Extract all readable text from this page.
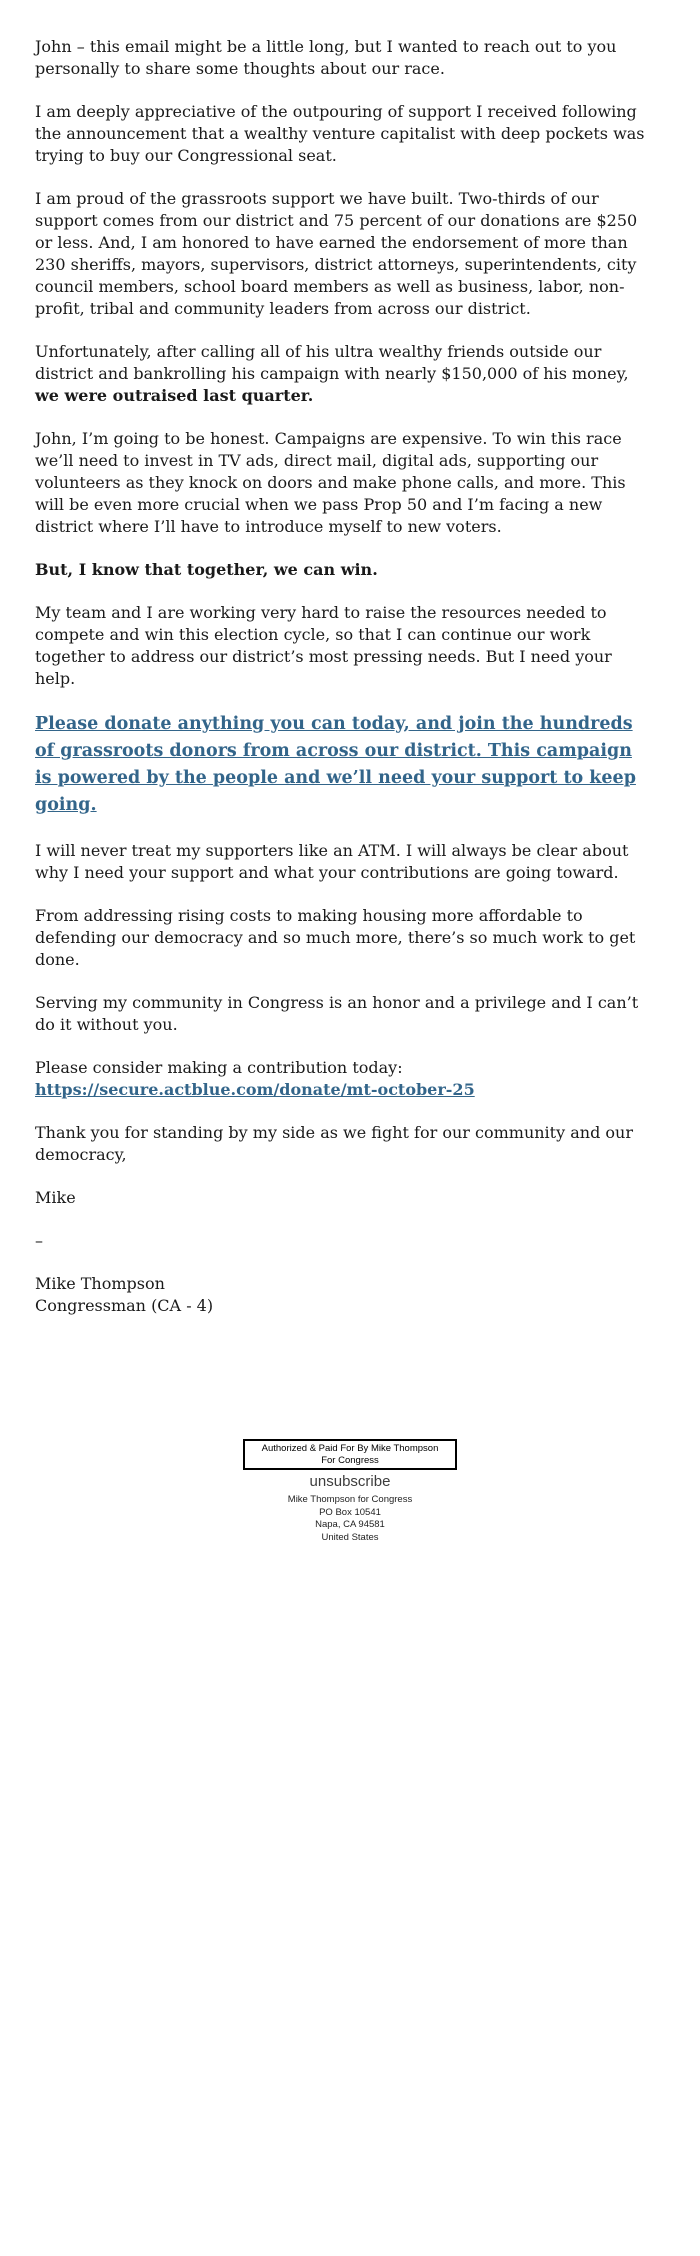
John – this email might be a little long, but I wanted to reach out to you personally to share some thoughts about our race.

I am deeply appreciative of the outpouring of support I received following the announcement that a wealthy venture capitalist with deep pockets was trying to buy our Congressional seat.

I am proud of the grassroots support we have built. Two-thirds of our support comes from our district and 75 percent of our donations are $250 or less. And, I am honored to have earned the endorsement of more than 230 sheriffs, mayors, supervisors, district attorneys, superintendents, city council members, school board members as well as business, labor, non-profit, tribal and community leaders from across our district.

Unfortunately, after calling all of his ultra wealthy friends outside our district and bankrolling his campaign with nearly $150,000 of his money, we were outraised last quarter.

John, I’m going to be honest. Campaigns are expensive. To win this race we’ll need to invest in TV ads, direct mail, digital ads, supporting our volunteers as they knock on doors and make phone calls, and more. This will be even more crucial when we pass Prop 50 and I’m facing a new district where I’ll have to introduce myself to new voters.

But, I know that together, we can win.

My team and I are working very hard to raise the resources needed to compete and win this election cycle, so that I can continue our work together to address our district’s most pressing needs. But I need your help.

Please donate anything you can today, and join the hundreds of grassroots donors from across our district. This campaign is powered by the people and we’ll need your support to keep going.

I will never treat my supporters like an ATM. I will always be clear about why I need your support and what your contributions are going toward.

From addressing rising costs to making housing more affordable to defending our democracy and so much more, there’s so much work to get done.

Serving my community in Congress is an honor and a privilege and I can’t do it without you.

Please consider making a contribution today:
https://secure.actblue.com/donate/mt-october-25

Thank you for standing by my side as we fight for our community and our democracy,

Mike

–

Mike Thompson
Congressman (CA - 4)

Authorized & Paid For By Mike Thompson
For Congress
unsubscribe
Mike Thompson for Congress
PO Box 10541
Napa, CA 94581
United States
